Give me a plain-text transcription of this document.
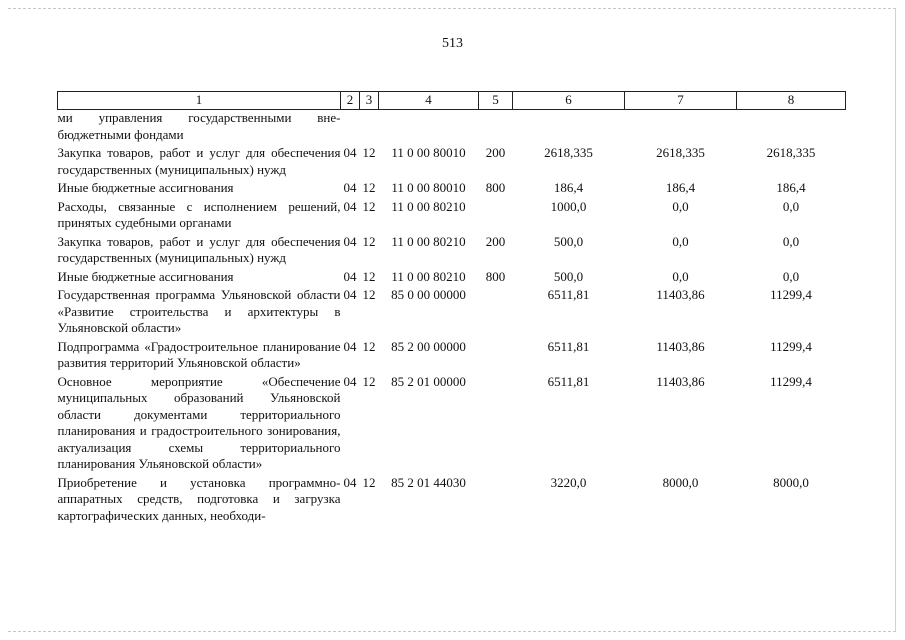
513
1	2	3	4	5	6	7	8
ми управления государственными внебюджетными фондами							
Закупка товаров, работ и услуг для обеспечения государственных (муниципальных) нужд	04	12	11 0 00 80010	200	2618,335	2618,335	2618,335
Иные бюджетные ассигнования	04	12	11 0 00 80010	800	186,4	186,4	186,4
Расходы, связанные с исполнением решений, принятых судебными органами	04	12	11 0 00 80210		1000,0	0,0	0,0
Закупка товаров, работ и услуг для обеспечения государственных (муниципальных) нужд	04	12	11 0 00 80210	200	500,0	0,0	0,0
Иные бюджетные ассигнования	04	12	11 0 00 80210	800	500,0	0,0	0,0
Государственная программа Ульяновской области «Развитие строительства и архитектуры в Ульяновской области»	04	12	85 0 00 00000		6511,81	11403,86	11299,4
Подпрограмма «Градостроительное планирование развития территорий Ульяновской области»	04	12	85 2 00 00000		6511,81	11403,86	11299,4
Основное мероприятие «Обеспечение муниципальных образований Ульяновской области документами территориального планирования и градостроительного зонирования, актуализация схемы территориального планирования Ульяновской области»	04	12	85 2 01 00000		6511,81	11403,86	11299,4
Приобретение и установка программно-аппаратных средств, подготовка и загрузка картографических данных, необходи-	04	12	85 2 01 44030		3220,0	8000,0	8000,0
